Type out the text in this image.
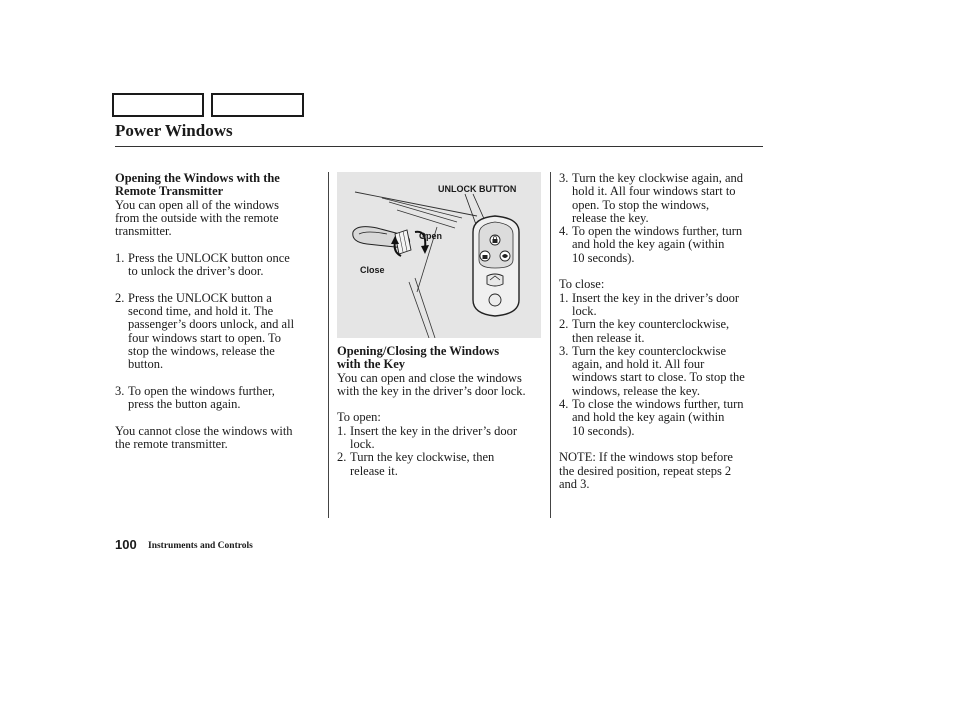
Power Windows
Opening the Windows with the
Remote Transmitter
You can open all of the windows
from the outside with the remote
transmitter.
1. Press the UNLOCK button once
to unlock the driver’s door.
2. Press the UNLOCK button a
second time, and hold it. The
passenger’s doors unlock, and all
four windows start to open. To
stop the windows, release the
button.
3. To open the windows further,
press the button again.
You cannot close the windows with
the remote transmitter.
UNLOCK BUTTON
Open
Close
Opening/Closing the Windows
with the Key
You can open and close the windows
with the key in the driver’s door lock.
To open:
1. Insert the key in the driver’s door
lock.
2. Turn the key clockwise, then
release it.
3. Turn the key clockwise again, and
hold it. All four windows start to
open. To stop the windows,
release the key.
4. To open the windows further, turn
and hold the key again (within
10 seconds).
To close:
1. Insert the key in the driver’s door
lock.
2. Turn the key counterclockwise,
then release it.
3. Turn the key counterclockwise
again, and hold it. All four
windows start to close. To stop the
windows, release the key.
4. To close the windows further, turn
and hold the key again (within
10 seconds).
NOTE: If the windows stop before
the desired position, repeat steps 2
and 3.
100 Instruments and Controls
